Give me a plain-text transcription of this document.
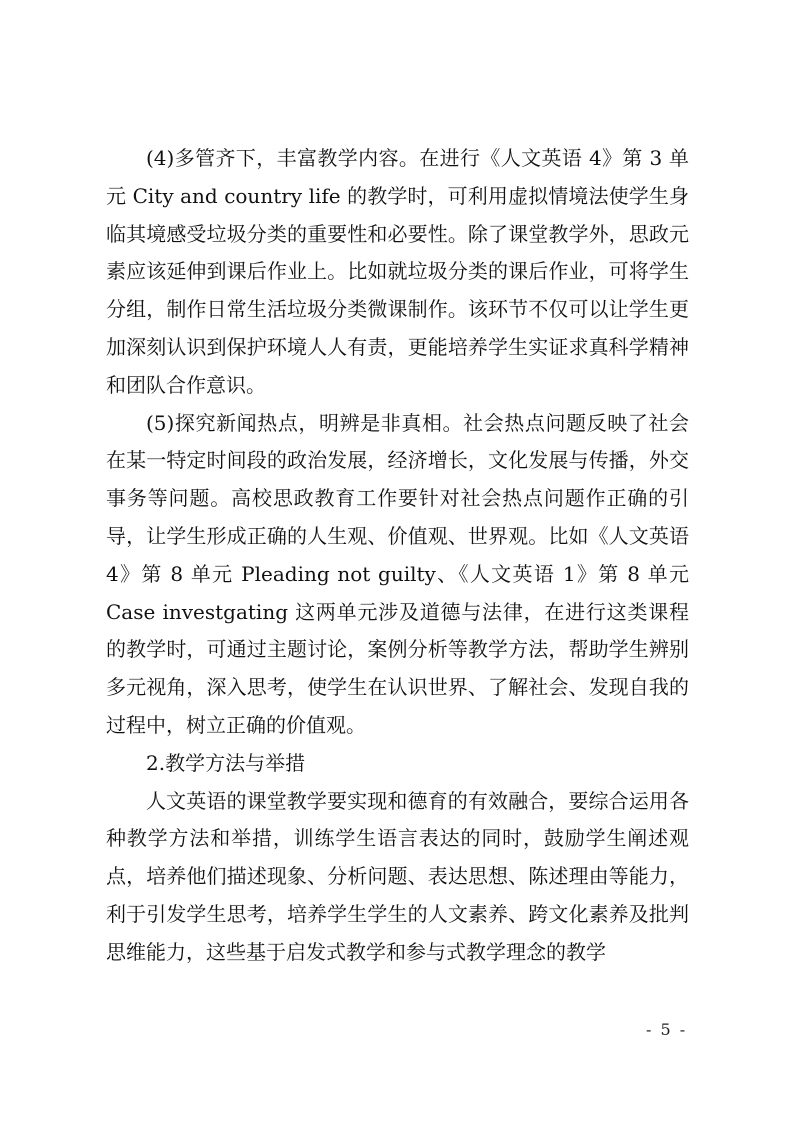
(4)多管齐下，丰富教学内容。在进行《人文英语 4》第 3 单元 City and country life 的教学时，可利用虚拟情境法使学生身临其境感受垃圾分类的重要性和必要性。除了课堂教学外，思政元素应该延伸到课后作业上。比如就垃圾分类的课后作业，可将学生分组，制作日常生活垃圾分类微课制作。该环节不仅可以让学生更加深刻认识到保护环境人人有责，更能培养学生实证求真科学精神和团队合作意识。

(5)探究新闻热点，明辨是非真相。社会热点问题反映了社会在某一特定时间段的政治发展，经济增长，文化发展与传播，外交事务等问题。高校思政教育工作要针对社会热点问题作正确的引导，让学生形成正确的人生观、价值观、世界观。比如《人文英语 4》第 8 单元 Pleading not guilty、《人文英语 1》第 8 单元 Case investgating 这两单元涉及道德与法律，在进行这类课程的教学时，可通过主题讨论，案例分析等教学方法，帮助学生辨别多元视角，深入思考，使学生在认识世界、了解社会、发现自我的过程中，树立正确的价值观。

2.教学方法与举措

人文英语的课堂教学要实现和德育的有效融合，要综合运用各种教学方法和举措，训练学生语言表达的同时，鼓励学生阐述观点，培养他们描述现象、分析问题、表达思想、陈述理由等能力，利于引发学生思考，培养学生学生的人文素养、跨文化素养及批判思维能力，这些基于启发式教学和参与式教学理念的教学

- 5 -
